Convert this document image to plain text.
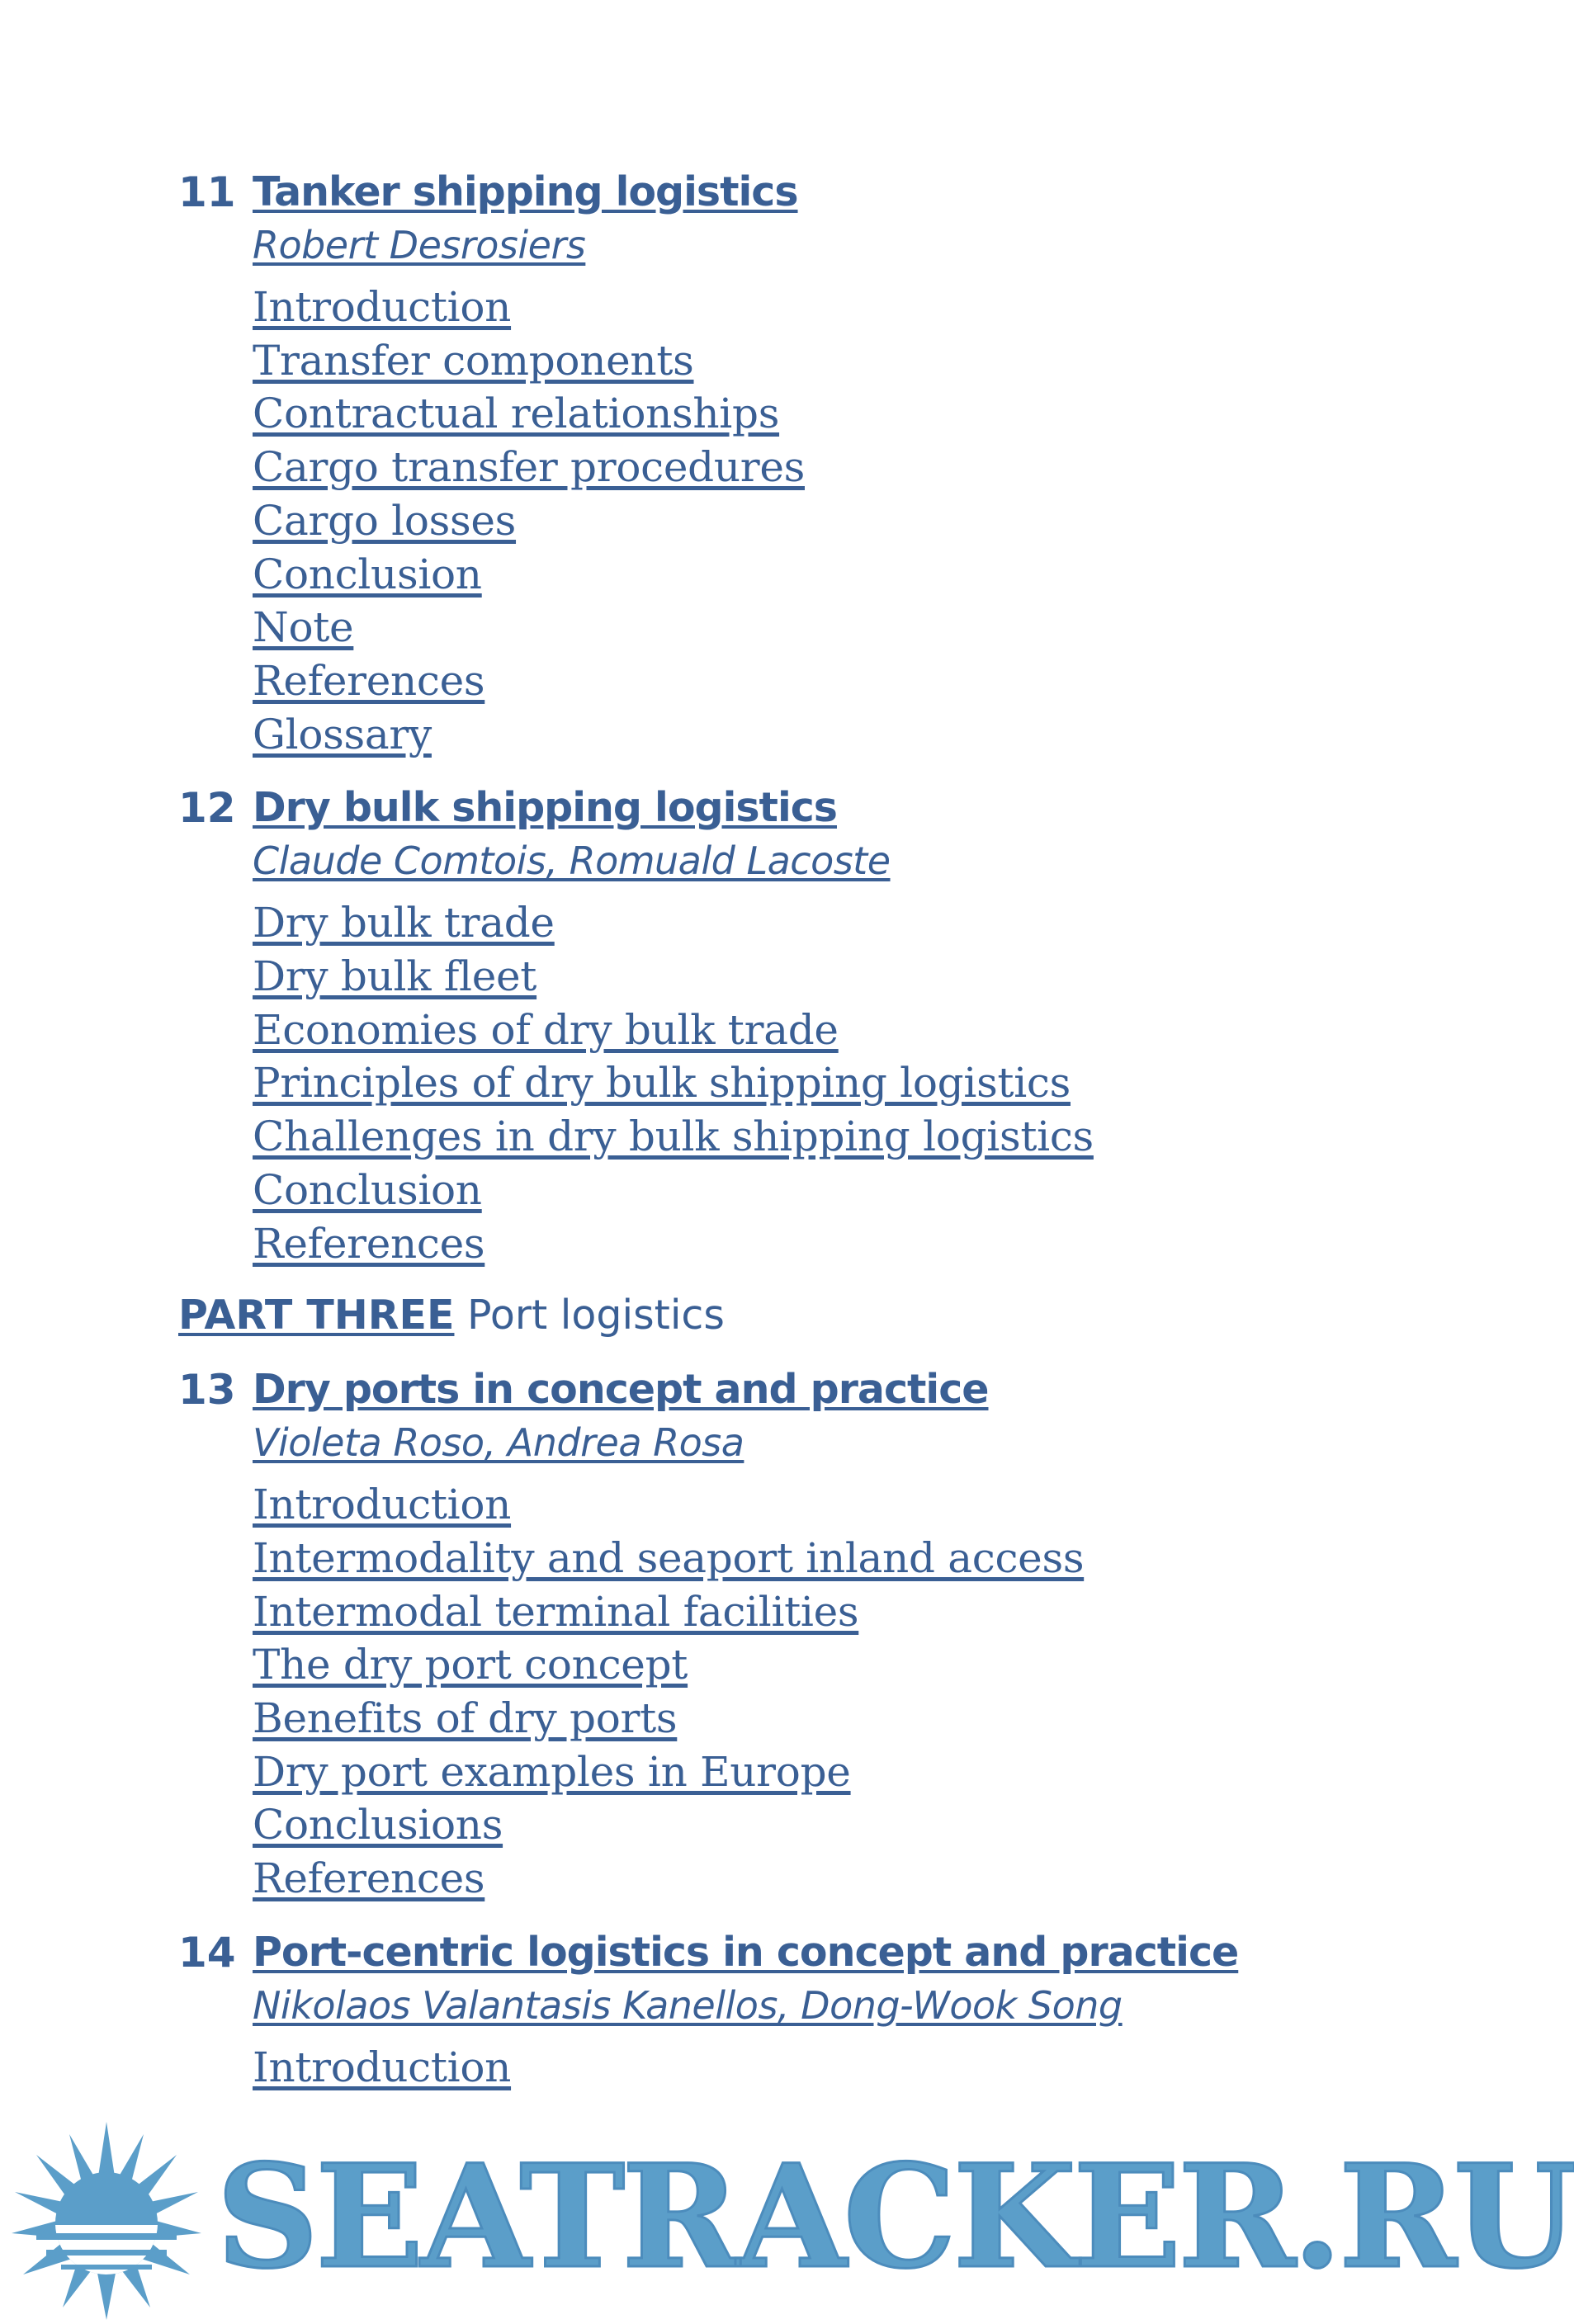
11 Tanker shipping logistics
Robert Desrosiers
Introduction
Transfer components
Contractual relationships
Cargo transfer procedures
Cargo losses
Conclusion
Note
References
Glossary
12 Dry bulk shipping logistics
Claude Comtois, Romuald Lacoste
Dry bulk trade
Dry bulk fleet
Economies of dry bulk trade
Principles of dry bulk shipping logistics
Challenges in dry bulk shipping logistics
Conclusion
References
PART THREE Port logistics
13 Dry ports in concept and practice
Violeta Roso, Andrea Rosa
Introduction
Intermodality and seaport inland access
Intermodal terminal facilities
The dry port concept
Benefits of dry ports
Dry port examples in Europe
Conclusions
References
14 Port-centric logistics in concept and practice
Nikolaos Valantasis Kanellos, Dong-Wook Song
Introduction
SEATRACKER.RU
